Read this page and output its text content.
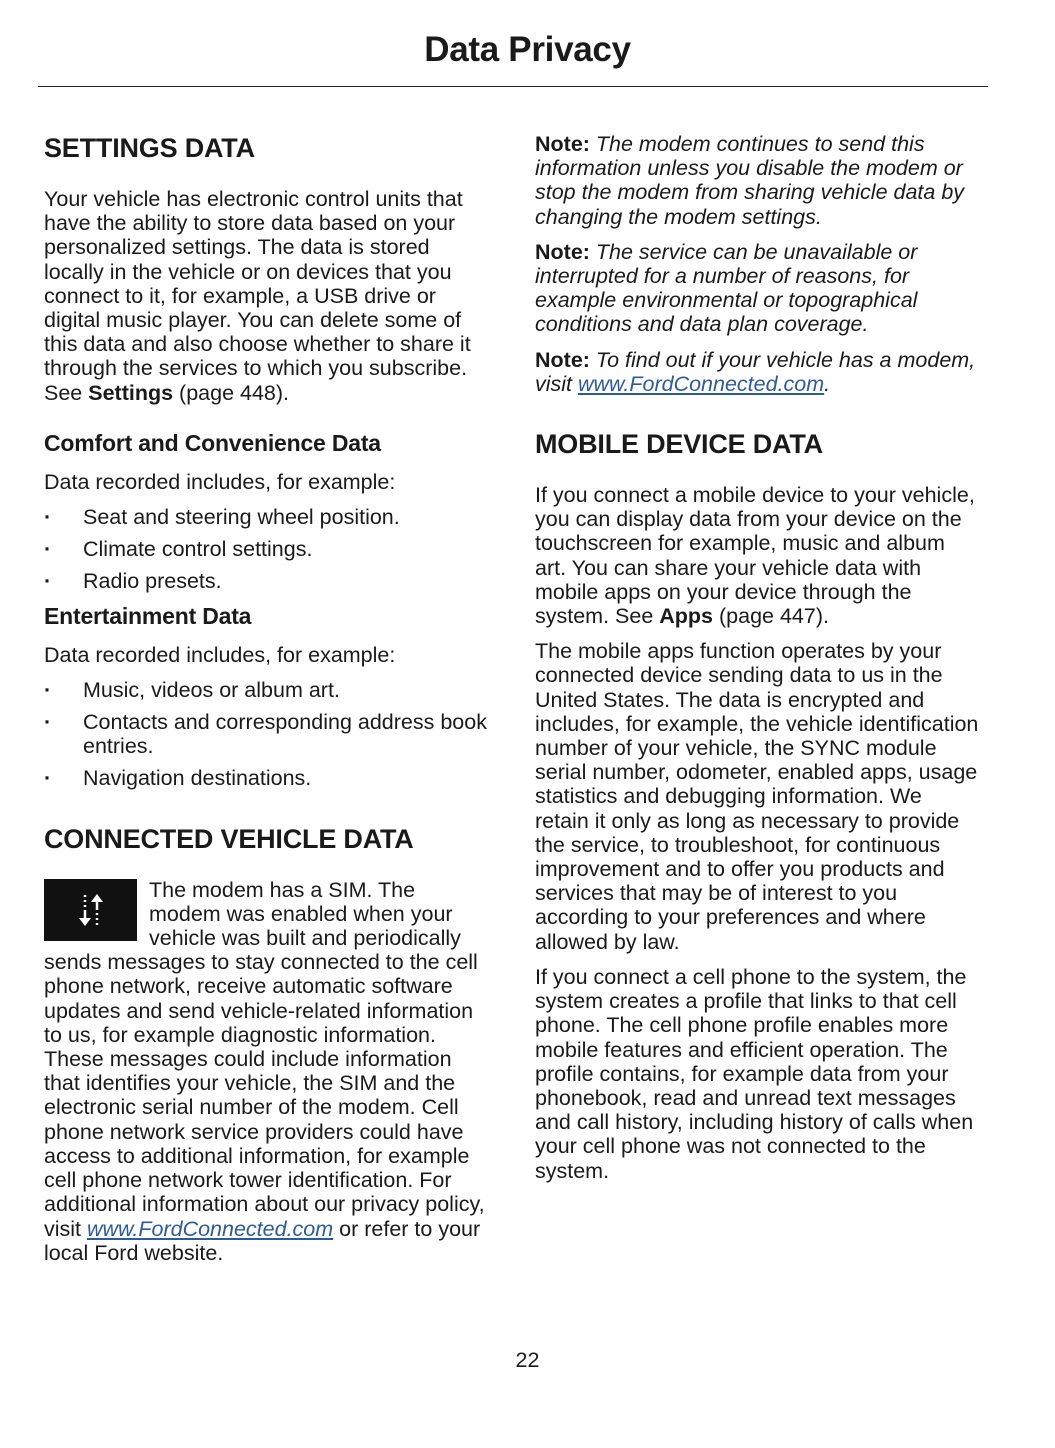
Data Privacy
SETTINGS DATA

Your vehicle has electronic control units that have the ability to store data based on your personalized settings. The data is stored locally in the vehicle or on devices that you connect to it, for example, a USB drive or digital music player. You can delete some of this data and also choose whether to share it through the services to which you subscribe. See Settings (page 448).

Comfort and Convenience Data

Data recorded includes, for example:

· Seat and steering wheel position.
· Climate control settings.
· Radio presets.
Entertainment Data

Data recorded includes, for example:

· Music, videos or album art.
· Contacts and corresponding address book entries.
· Navigation destinations.
CONNECTED VEHICLE DATA

The modem has a SIM. The modem was enabled when your vehicle was built and periodically sends messages to stay connected to the cell phone network, receive automatic software updates and send vehicle-related information to us, for example diagnostic information. These messages could include information that identifies your vehicle, the SIM and the electronic serial number of the modem. Cell phone network service providers could have access to additional information, for example cell phone network tower identification. For additional information about our privacy policy, visit www.FordConnected.com or refer to your local Ford website.

Note: The modem continues to send this information unless you disable the modem or stop the modem from sharing vehicle data by changing the modem settings.

Note: The service can be unavailable or interrupted for a number of reasons, for example environmental or topographical conditions and data plan coverage.

Note: To find out if your vehicle has a modem, visit www.FordConnected.com.

MOBILE DEVICE DATA

If you connect a mobile device to your vehicle, you can display data from your device on the touchscreen for example, music and album art. You can share your vehicle data with mobile apps on your device through the system. See Apps (page 447).

The mobile apps function operates by your connected device sending data to us in the United States. The data is encrypted and includes, for example, the vehicle identification number of your vehicle, the SYNC module serial number, odometer, enabled apps, usage statistics and debugging information. We retain it only as long as necessary to provide the service, to troubleshoot, for continuous improvement and to offer you products and services that may be of interest to you according to your preferences and where allowed by law.

If you connect a cell phone to the system, the system creates a profile that links to that cell phone. The cell phone profile enables more mobile features and efficient operation. The profile contains, for example data from your phonebook, read and unread text messages and call history, including history of calls when your cell phone was not connected to the system.

22
